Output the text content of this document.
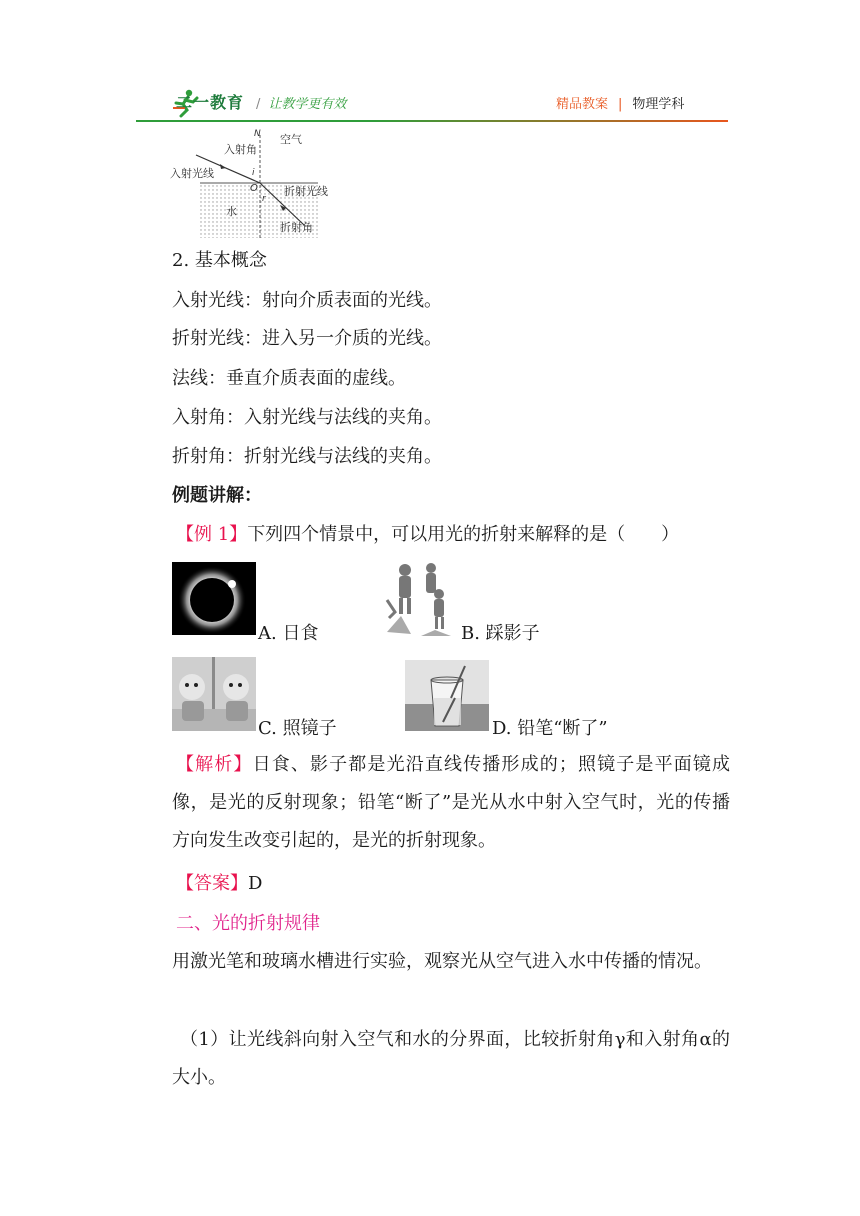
二一教育 / 让教学更有效	精品教案 | 物理学科
N 空气
入射角
入射光线	i
O
r
折射光线
水
折射角
2. 基本概念
入射光线：射向介质表面的光线。
折射光线：进入另一介质的光线。
法线：垂直介质表面的虚线。
入射角：入射光线与法线的夹角。
折射角：折射光线与法线的夹角。
例题讲解：
【例 1】下列四个情景中，可以用光的折射来解释的是（　　）
A. 日食	B. 踩影子
C. 照镜子	D. 铅笔“断了”
【解析】日食、影子都是光沿直线传播形成的；照镜子是平面镜成像，是光的反射现象；铅笔“断了”是光从水中射入空气时，光的传播方向发生改变引起的，是光的折射现象。
【答案】D
二、光的折射规律
用激光笔和玻璃水槽进行实验，观察光从空气进入水中传播的情况。
（1）让光线斜向射入空气和水的分界面，比较折射角γ和入射角α的大小。
